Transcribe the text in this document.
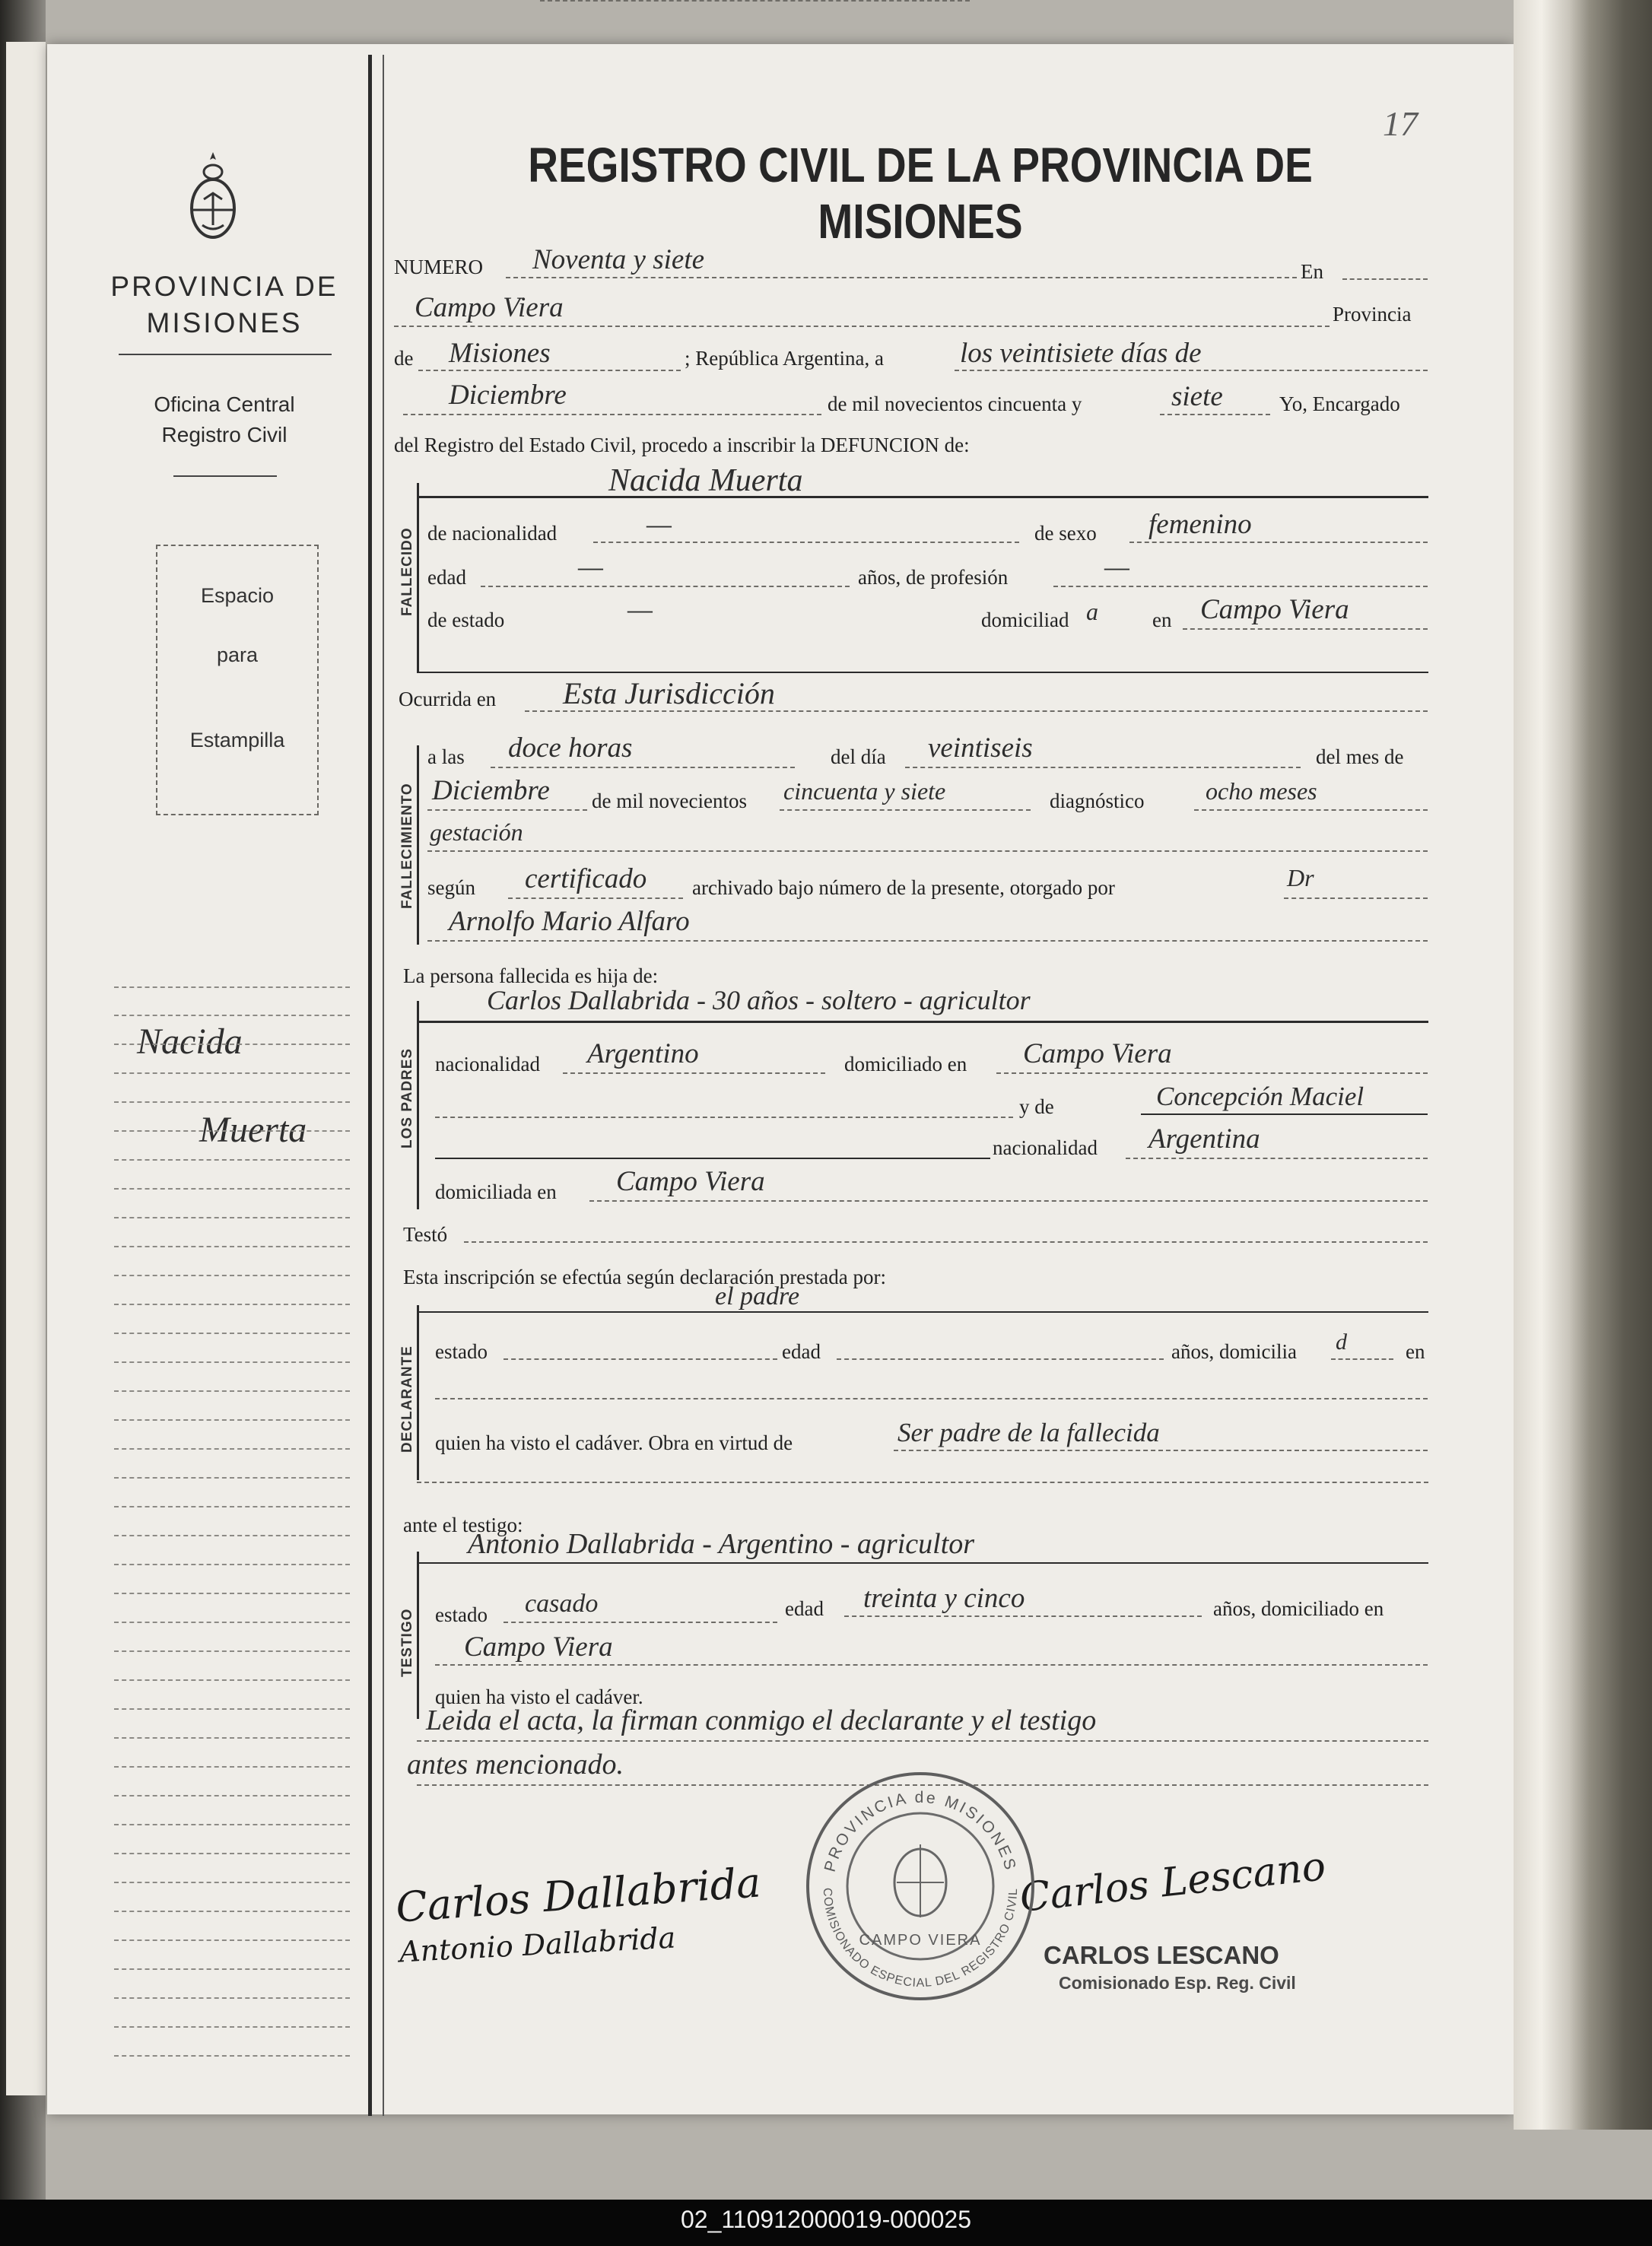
PROVINCIA DE
MISIONES
Oficina Central
Registro Civil
Espacio
para
Estampilla
Nacida
Muerta
REGISTRO CIVIL DE LA PROVINCIA DE MISIONES
17
NUMERO Noventa y siete	En
Campo Viera	Provincia
de Misiones	; República Argentina, a	los veintisiete días de
Diciembre	de mil novecientos cincuenta y	siete	Yo, Encargado
del Registro del Estado Civil, procedo a inscribir la DEFUNCION de:
FALLECIDO
Nacida Muerta
de nacionalidad	—	de sexo femenino
edad	—	años, de profesión	—
de estado	—	domiciliad a	en Campo Viera
Ocurrida en Esta Jurisdicción
FALLECIMIENTO
a las doce horas	del día veintiseis	del mes de
Diciembre de mil novecientos cincuenta y siete	diagnóstico	ocho meses
gestación
según certificado archivado bajo número de la presente, otorgado por	Dr
Arnolfo Mario Alfaro
La persona fallecida es hija de:
LOS PADRES
Carlos Dallabrida - 30 años - soltero - agricultor
nacionalidad Argentino	domiciliado en Campo Viera
y de	Concepción Maciel
nacionalidad Argentina
domiciliada en Campo Viera
Testó
Esta inscripción se efectúa según declaración prestada por:
DECLARANTE
el padre
estado	edad	años, domicilia d	en
quien ha visto el cadáver. Obra en virtud de	Ser padre de la fallecida
ante el testigo:
TESTIGO
Antonio Dallabrida - Argentino - agricultor
estado casado	edad treinta y cinco	años, domiciliado en
Campo Viera
quien ha visto el cadáver.
Leida el acta, la firman conmigo el declarante y el testigo
antes mencionado.
Carlos Dallabrida
Antonio Dallabrida
Carlos Lescano
CARLOS LESCANO
Comisionado Esp. Reg. Civil
PROVINCIA de MISIONES
COMISIONADO ESPECIAL DEL REGISTRO CIVIL
CAMPO VIERA
02_110912000019-000025
